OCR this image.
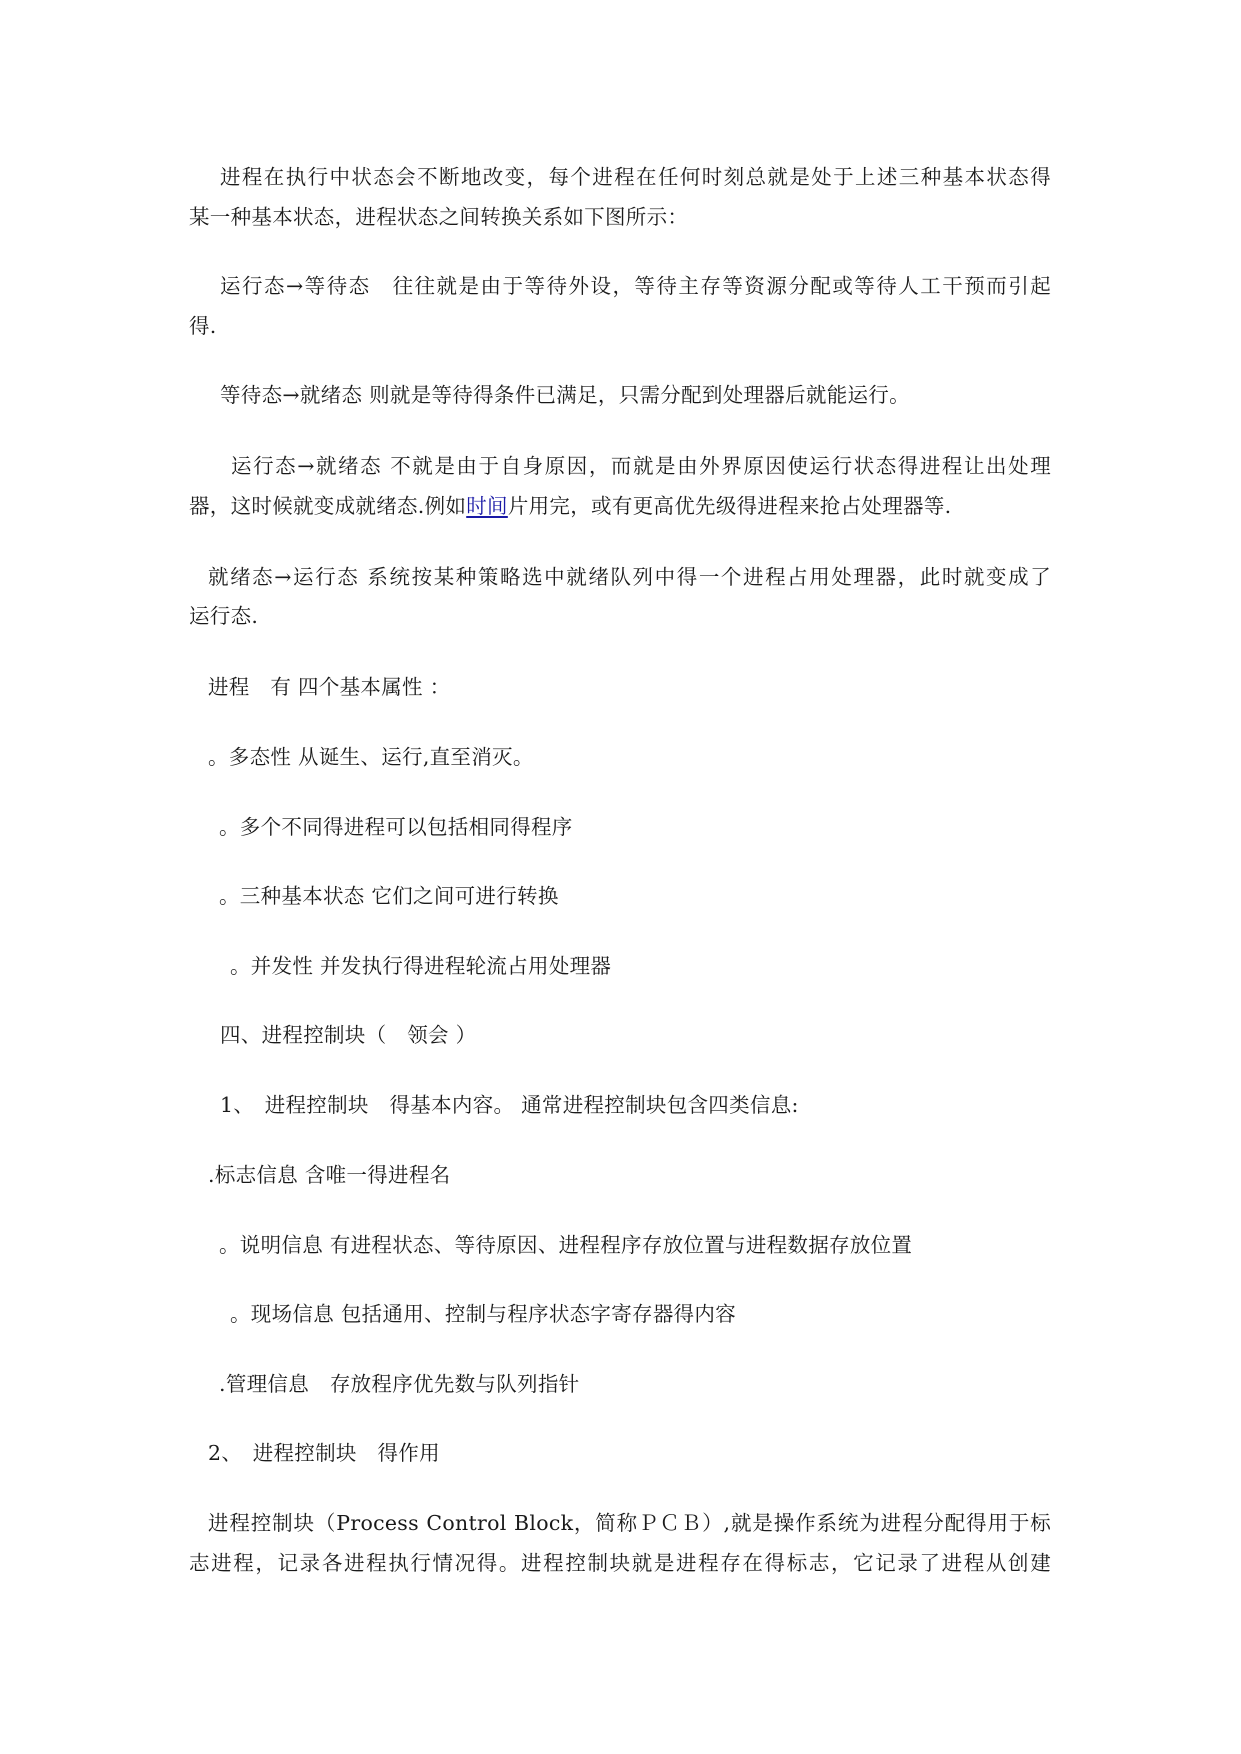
进程在执行中状态会不断地改变，每个进程在任何时刻总就是处于上述三种基本状态得
某一种基本状态，进程状态之间转换关系如下图所示：
运行态→等待态　往往就是由于等待外设，等待主存等资源分配或等待人工干预而引起
得.
等待态→就绪态 则就是等待得条件已满足，只需分配到处理器后就能运行。
运行态→就绪态 不就是由于自身原因，而就是由外界原因使运行状态得进程让出处理
器，这时候就变成就绪态.例如时间片用完，或有更高优先级得进程来抢占处理器等.
就绪态→运行态 系统按某种策略选中就绪队列中得一个进程占用处理器，此时就变成了
运行态.
进程　有 四个基本属性 ：
。多态性 从诞生、运行,直至消灭。
。多个不同得进程可以包括相同得程序
。三种基本状态 它们之间可进行转换
。并发性 并发执行得进程轮流占用处理器
四、进程控制块（　领会 ）
1、　进程控制块　得基本内容。 通常进程控制块包含四类信息:
.标志信息 含唯一得进程名
。说明信息 有进程状态、等待原因、进程程序存放位置与进程数据存放位置
。现场信息 包括通用、控制与程序状态字寄存器得内容
.管理信息　存放程序优先数与队列指针
2、　进程控制块　得作用
进程控制块（Process Control Block，简称ＰＣＢ）,就是操作系统为进程分配得用于标
志进程，记录各进程执行情况得。进程控制块就是进程存在得标志，它记录了进程从创建
